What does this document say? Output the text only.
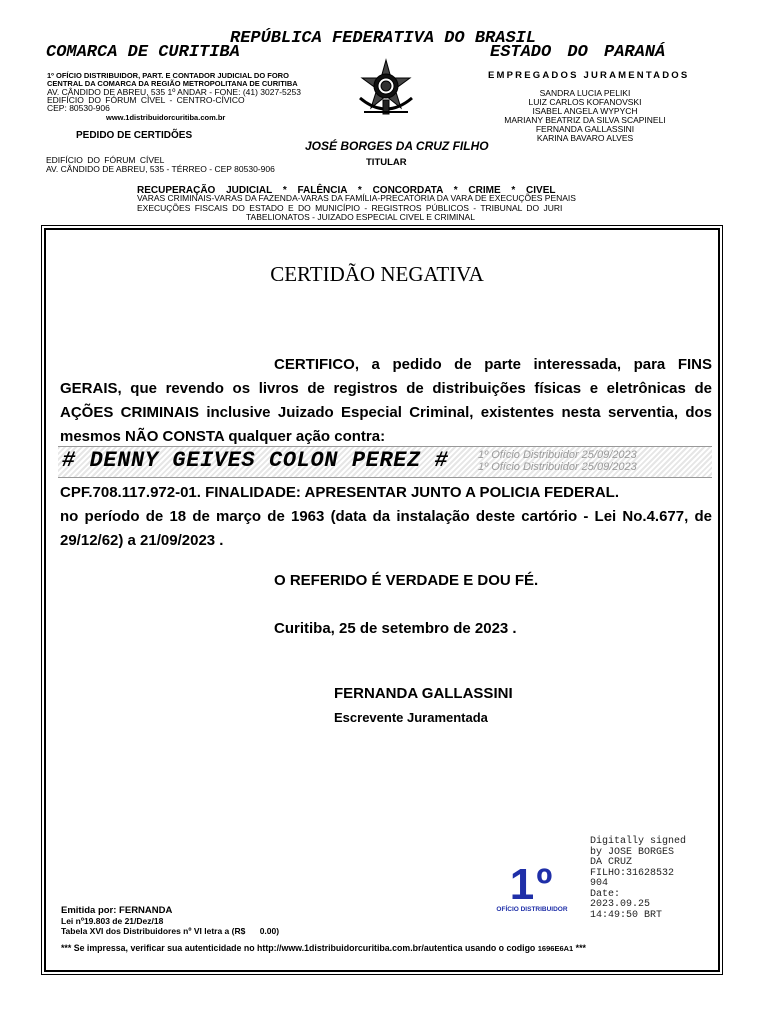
REPÚBLICA FEDERATIVA DO BRASIL
COMARCA DE CURITIBA	ESTADO DO PARANÁ
1º OFÍCIO DISTRIBUIDOR, PART. E CONTADOR JUDICIAL DO FORO
CENTRAL DA COMARCA DA REGIÃO METROPOLITANA DE CURITIBA
AV. CÂNDIDO DE ABREU, 535 1º ANDAR - FONE: (41) 3027-5253
EDIFÍCIO DO FÓRUM CÍVEL - CENTRO-CÍVICO
CEP: 80530-906
www.1distribuidorcuritiba.com.br
PEDIDO DE CERTIDÕES
EDIFÍCIO DO FÓRUM CÍVEL
AV. CÂNDIDO DE ABREU, 535 - TÉRREO - CEP 80530-906
JOSÉ BORGES DA CRUZ FILHO
TITULAR
EMPREGADOS JURAMENTADOS
SANDRA LUCIA PELIKI
LUIZ CARLOS KOFANOVSKI
ISABEL ANGELA WYPYCH
MARIANY BEATRIZ DA SILVA SCAPINELI
FERNANDA GALLASSINI
KARINA BAVARO ALVES
RECUPERAÇÃO JUDICIAL * FALÊNCIA * CONCORDATA * CRIME * CIVEL
VARAS CRIMINAIS-VARAS DA FAZENDA-VARAS DA FAMÍLIA-PRECATÓRIA DA VARA DE EXECUÇÕES PENAIS
EXECUÇÕES FISCAIS DO ESTADO E DO MUNICÍPIO - REGISTROS PÚBLICOS - TRIBUNAL DO JURI
TABELIONATOS - JUIZADO ESPECIAL CIVEL E CRIMINAL
CERTIDÃO NEGATIVA
CERTIFICO, a pedido de parte interessada, para FINS
GERAIS, que revendo os livros de registros de distribuições físicas e eletrônicas de
AÇÕES CRIMINAIS inclusive Juizado Especial Criminal, existentes nesta serventia, dos
mesmos NÃO CONSTA qualquer ação contra:
1º Ofício Distribuidor 25/09/2023
1º Ofício Distribuidor 25/09/2023
# DENNY GEIVES COLON PEREZ #
CPF.708.117.972-01. FINALIDADE: APRESENTAR JUNTO A POLICIA FEDERAL.
no período de 18 de março de 1963 (data da instalação deste cartório - Lei No.4.677, de
29/12/62) a 21/09/2023 .
O REFERIDO É VERDADE E DOU FÉ.
Curitiba, 25 de setembro de 2023 .
FERNANDA GALLASSINI
Escrevente Juramentada
1º
OFÍCIO DISTRIBUIDOR
Digitally signed
by JOSE BORGES
DA CRUZ
FILHO:31628532
904
Date:
2023.09.25
14:49:50 BRT
Emitida por: FERNANDA
Lei nº19.803 de 21/Dez/18
Tabela XVI dos Distribuidores nº VI letra a (R$ 0.00)
*** Se impressa, verificar sua autenticidade no http://www.1distribuidorcuritiba.com.br/autentica usando o codigo 1696E6A1 ***
